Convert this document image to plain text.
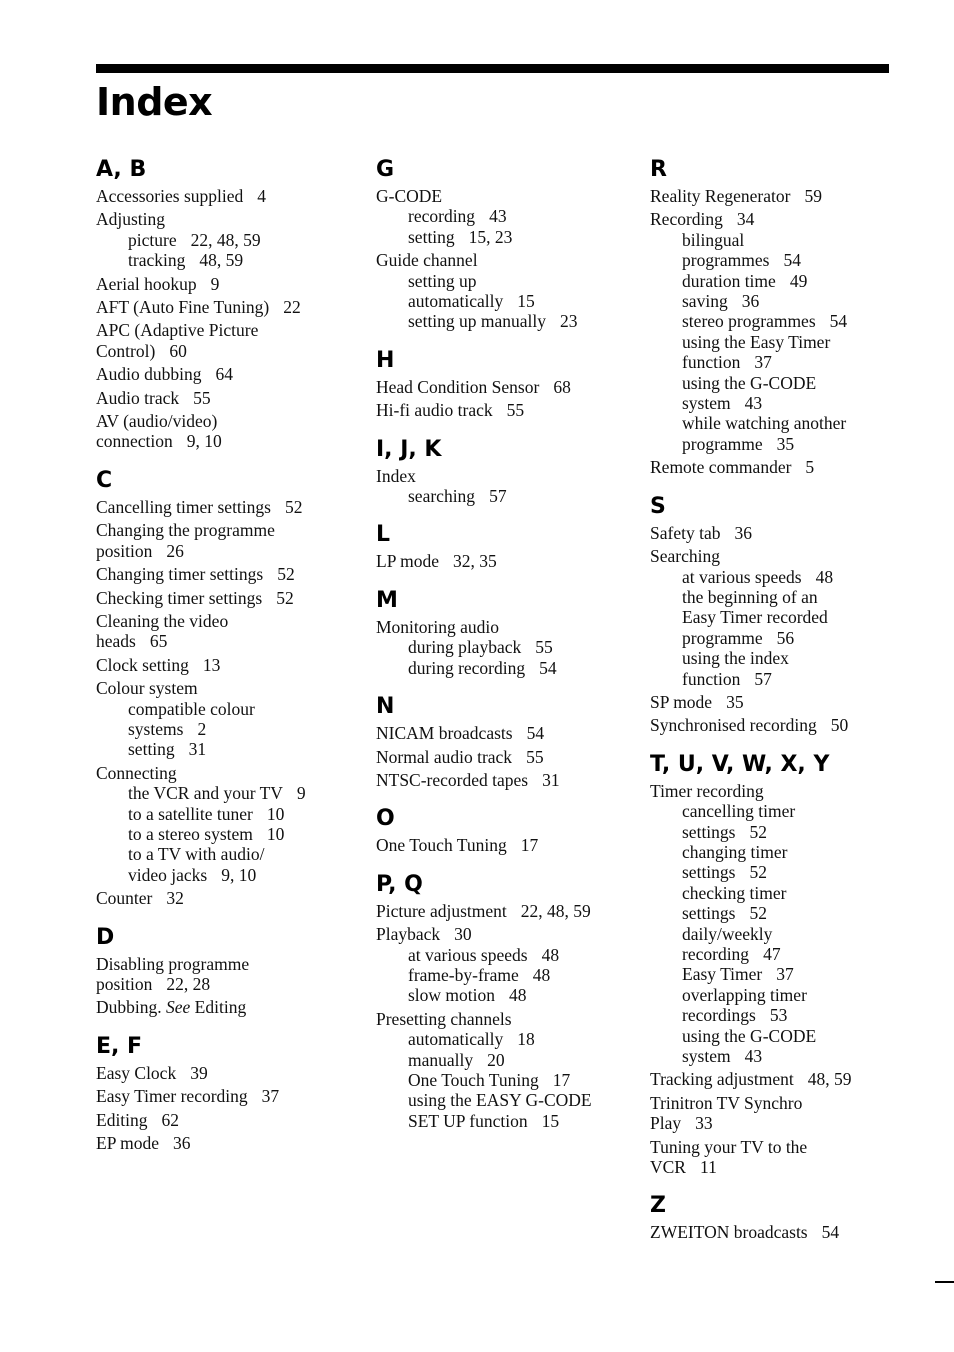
Index
A, B
Accessories supplied 4
Adjusting
picture 22, 48, 59
tracking 48, 59
Aerial hookup 9
AFT (Auto Fine Tuning) 22
APC (Adaptive Picture
Control) 60
Audio dubbing 64
Audio track 55
AV (audio/video)
connection 9, 10
C
Cancelling timer settings 52
Changing the programme
position 26
Changing timer settings 52
Checking timer settings 52
Cleaning the video
heads 65
Clock setting 13
Colour system
compatible colour
systems 2
setting 31
Connecting
the VCR and your TV 9
to a satellite tuner 10
to a stereo system 10
to a TV with audio/
video jacks 9, 10
Counter 32
D
Disabling programme
position 22, 28
Dubbing. See Editing
E, F
Easy Clock 39
Easy Timer recording 37
Editing 62
EP mode 36
G
G-CODE
recording 43
setting 15, 23
Guide channel
setting up
automatically 15
setting up manually 23
H
Head Condition Sensor 68
Hi-fi audio track 55
I, J, K
Index
searching 57
L
LP mode 32, 35
M
Monitoring audio
during playback 55
during recording 54
N
NICAM broadcasts 54
Normal audio track 55
NTSC-recorded tapes 31
O
One Touch Tuning 17
P, Q
Picture adjustment 22, 48, 59
Playback 30
at various speeds 48
frame-by-frame 48
slow motion 48
Presetting channels
automatically 18
manually 20
One Touch Tuning 17
using the EASY G-CODE
SET UP function 15
R
Reality Regenerator 59
Recording 34
bilingual
programmes 54
duration time 49
saving 36
stereo programmes 54
using the Easy Timer
function 37
using the G-CODE
system 43
while watching another
programme 35
Remote commander 5
S
Safety tab 36
Searching
at various speeds 48
the beginning of an
Easy Timer recorded
programme 56
using the index
function 57
SP mode 35
Synchronised recording 50
T, U, V, W, X, Y
Timer recording
cancelling timer
settings 52
changing timer
settings 52
checking timer
settings 52
daily/weekly
recording 47
Easy Timer 37
overlapping timer
recordings 53
using the G-CODE
system 43
Tracking adjustment 48, 59
Trinitron TV Synchro
Play 33
Tuning your TV to the
VCR 11
Z
ZWEITON broadcasts 54
